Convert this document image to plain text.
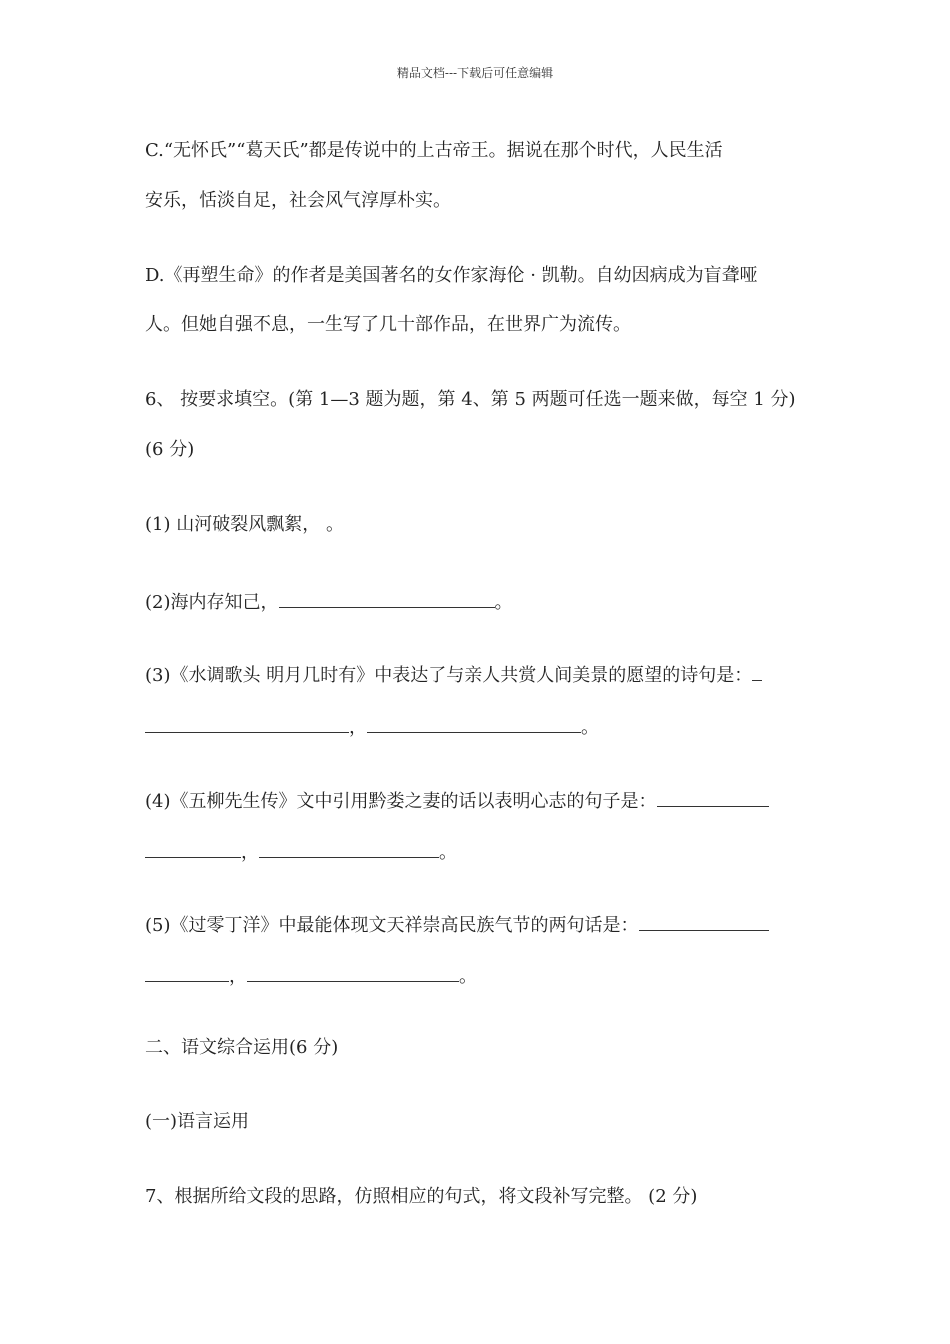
精品文档---下载后可任意编辑
C.“无怀氏”“葛天氏”都是传说中的上古帝王。据说在那个时代，人民生活
安乐，恬淡自足，社会风气淳厚朴实。
D.《再塑生命》的作者是美国著名的女作家海伦 · 凯勒。自幼因病成为盲聋哑
人。但她自强不息，一生写了几十部作品，在世界广为流传。
6、 按要求填空。(第 1—3 题为题，第 4、第 5 两题可任选一题来做，每空 1 分)
(6 分)
(1) 山河破裂风飘絮， 。
(2)海内存知己，	。
(3)《水调歌头 明月几时有》中表达了与亲人共赏人间美景的愿望的诗句是：
，	。
(4)《五柳先生传》文中引用黔娄之妻的话以表明心志的句子是：
，	。
(5)《过零丁洋》中最能体现文天祥崇高民族气节的两句话是：
，	。
二、语文综合运用(6 分)
(一)语言运用
7、根据所给文段的思路，仿照相应的句式，将文段补写完整。 (2 分)
